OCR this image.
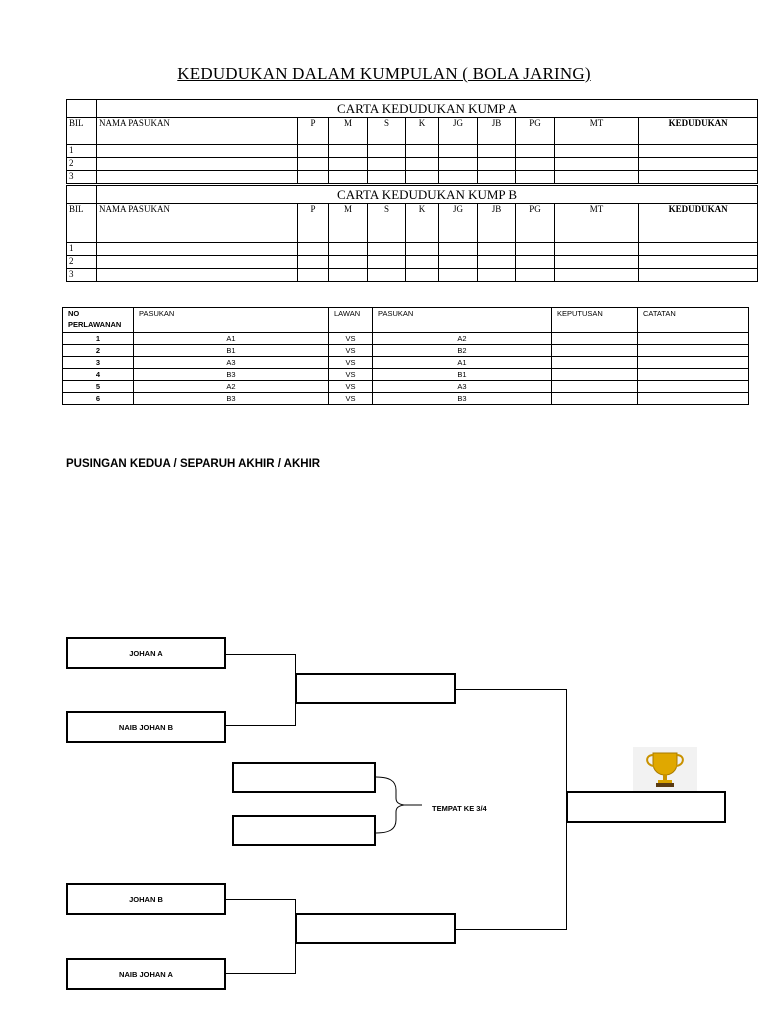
KEDUDUKAN DALAM KUMPULAN ( BOLA JARING)
	CARTA KEDUDUKAN KUMP A									
BIL	NAMA PASUKAN	P	M	S	K	JG	JB	PG	MT	KEDUDUKAN
1										
2										
3										
	CARTA KEDUDUKAN KUMP B									
BIL	NAMA PASUKAN	P	M	S	K	JG	JB	PG	MT	KEDUDUKAN
1										
2										
3										
NO PERLAWANAN	PASUKAN	LAWAN	PASUKAN	KEPUTUSAN	CATATAN
1	A1	VS	A2		
2	B1	VS	B2		
3	A3	VS	A1		
4	B3	VS	B1		
5	A2	VS	A3		
6	B3	VS	B3		
PUSINGAN KEDUA / SEPARUH AKHIR / AKHIR
JOHAN A
NAIB JOHAN B
TEMPAT KE 3/4
JOHAN B
NAIB JOHAN A
